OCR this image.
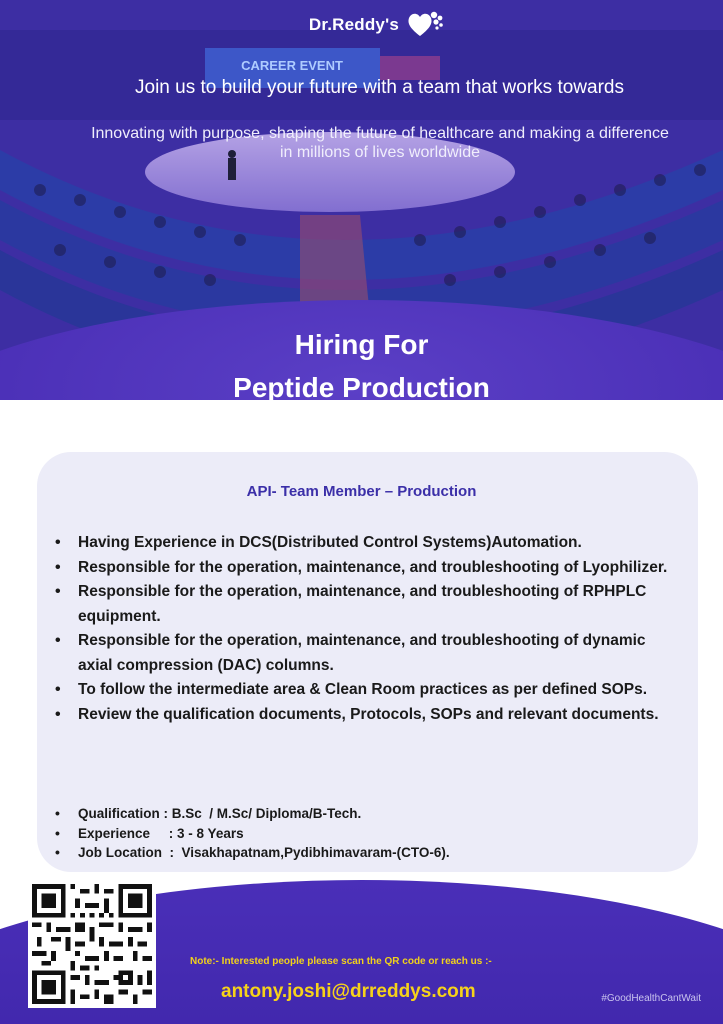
CAREER EVENT
Dr.Reddy's
Join us to build your future with a team that works towards
Innovating with purpose, shaping the future of healthcare and making a difference in millions of lives worldwide
Hiring For
Peptide Production
API- Team Member – Production
• Having Experience in DCS(Distributed Control Systems)Automation.
• Responsible for the operation, maintenance, and troubleshooting of Lyophilizer.
• Responsible for the operation, maintenance, and troubleshooting of RPHPLC equipment.
• Responsible for the operation, maintenance, and troubleshooting of dynamic axial compression (DAC) columns.
• To follow the intermediate area & Clean Room practices as per defined SOPs.
• Review the qualification documents, Protocols, SOPs and relevant documents.
• Qualification : B.Sc  / M.Sc/ Diploma/B-Tech.
• Experience     : 3 - 8 Years
• Job Location  :  Visakhapatnam,Pydibhimavaram-(CTO-6).
Note:- Interested people please scan the QR code or reach us :-
antony.joshi@drreddys.com	#GoodHealthCantWait
